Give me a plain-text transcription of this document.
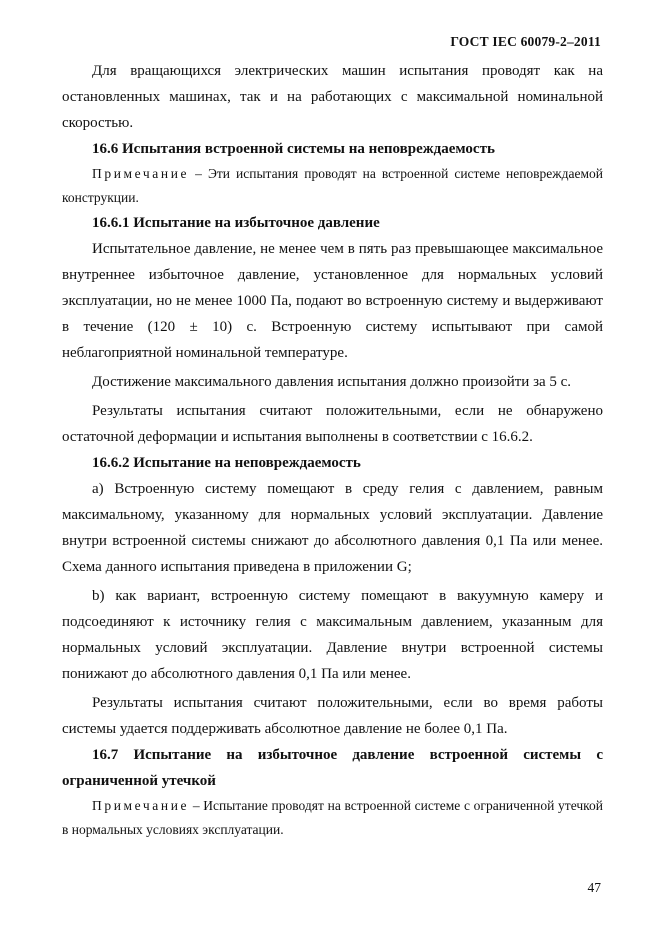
ГОСТ IEC 60079-2–2011

Для вращающихся электрических машин испытания проводят как на остановленных машинах, так и на работающих с максимальной номинальной скоростью.

16.6 Испытания встроенной системы на неповреждаемость

Примечание – Эти испытания проводят на встроенной системе неповреждаемой конструкции.

16.6.1 Испытание на избыточное давление

Испытательное давление, не менее чем в пять раз превышающее максимальное внутреннее избыточное давление, установленное для нормальных условий эксплуатации, но не менее 1000 Па, подают во встроенную систему и выдерживают в течение (120 ± 10) с. Встроенную систему испытывают при самой неблагоприятной номинальной температуре.

Достижение максимального давления испытания должно произойти за 5 с.

Результаты испытания считают положительными, если не обнаружено остаточной деформации и испытания выполнены в соответствии с 16.6.2.

16.6.2 Испытание на неповреждаемость

а) Встроенную систему помещают в среду гелия с давлением, равным максимальному, указанному для нормальных условий эксплуатации. Давление внутри встроенной системы снижают до абсолютного давления 0,1 Па или менее. Схема данного испытания приведена в приложении G;

b) как вариант, встроенную систему помещают в вакуумную камеру и подсоединяют к источнику гелия с максимальным давлением, указанным для нормальных условий эксплуатации. Давление внутри встроенной системы понижают до абсолютного давления 0,1 Па или менее.

Результаты испытания считают положительными, если во время работы системы удается поддерживать абсолютное давление не более 0,1 Па.

16.7 Испытание на избыточное давление встроенной системы с ограниченной утечкой

Примечание – Испытание проводят на встроенной системе с ограниченной утечкой в нормальных условиях эксплуатации.

47
